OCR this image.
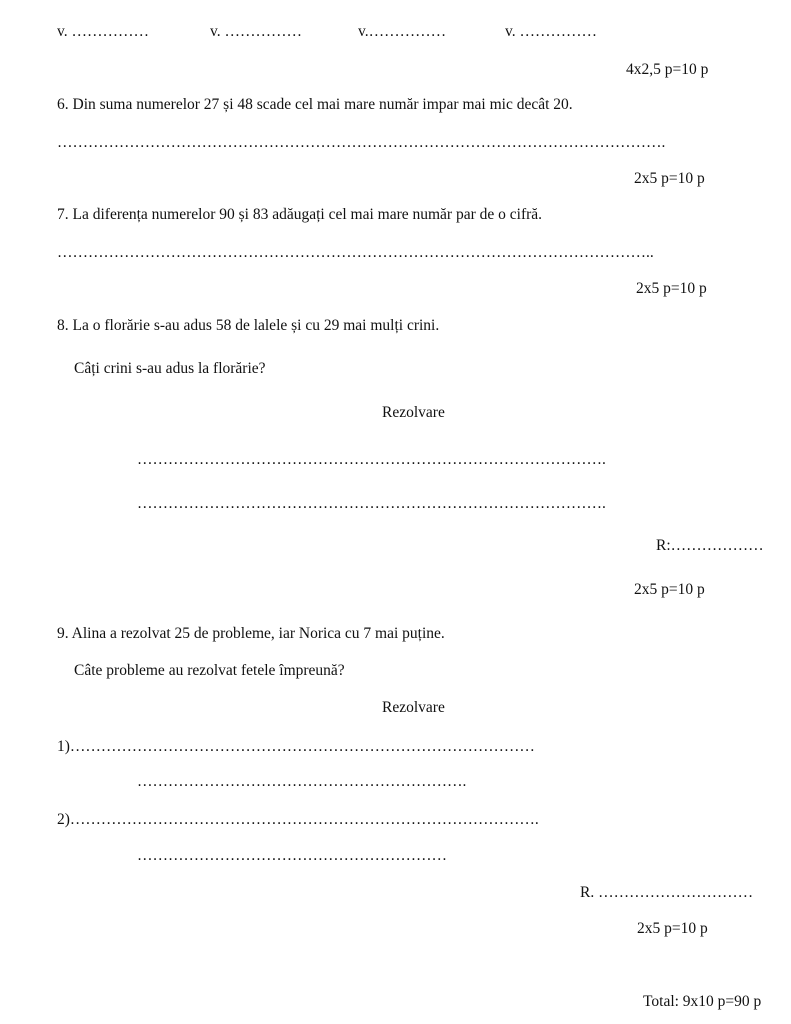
v. ……………	v. ……………	v.……………	v. ……………
4x2,5 p=10 p
6. Din suma numerelor 27 și 48 scade cel mai mare număr impar mai mic decât 20.
……………………………………………………………………………………………………….
2x5 p=10 p
7. La diferența numerelor 90 și 83 adăugați cel mai mare număr par de o cifră.
……………………………………………………………………………………………………..
2x5 p=10 p
8. La o florărie s-au adus 58 de lalele și cu 29 mai mulți crini.
Câți crini s-au adus la florărie?
Rezolvare
……………………………………………………………………………….
……………………………………………………………………………….
R:………………
2x5 p=10 p
9. Alina a rezolvat 25 de probleme, iar Norica cu 7 mai puține.
Câte probleme au rezolvat fetele împreună?
Rezolvare
1)………………………………………………………………………………
……………………………………………………….
2)……………………………………………………………………………….
……………………………………………………
R. …………………………
2x5 p=10 p
Total: 9x10 p=90 p
